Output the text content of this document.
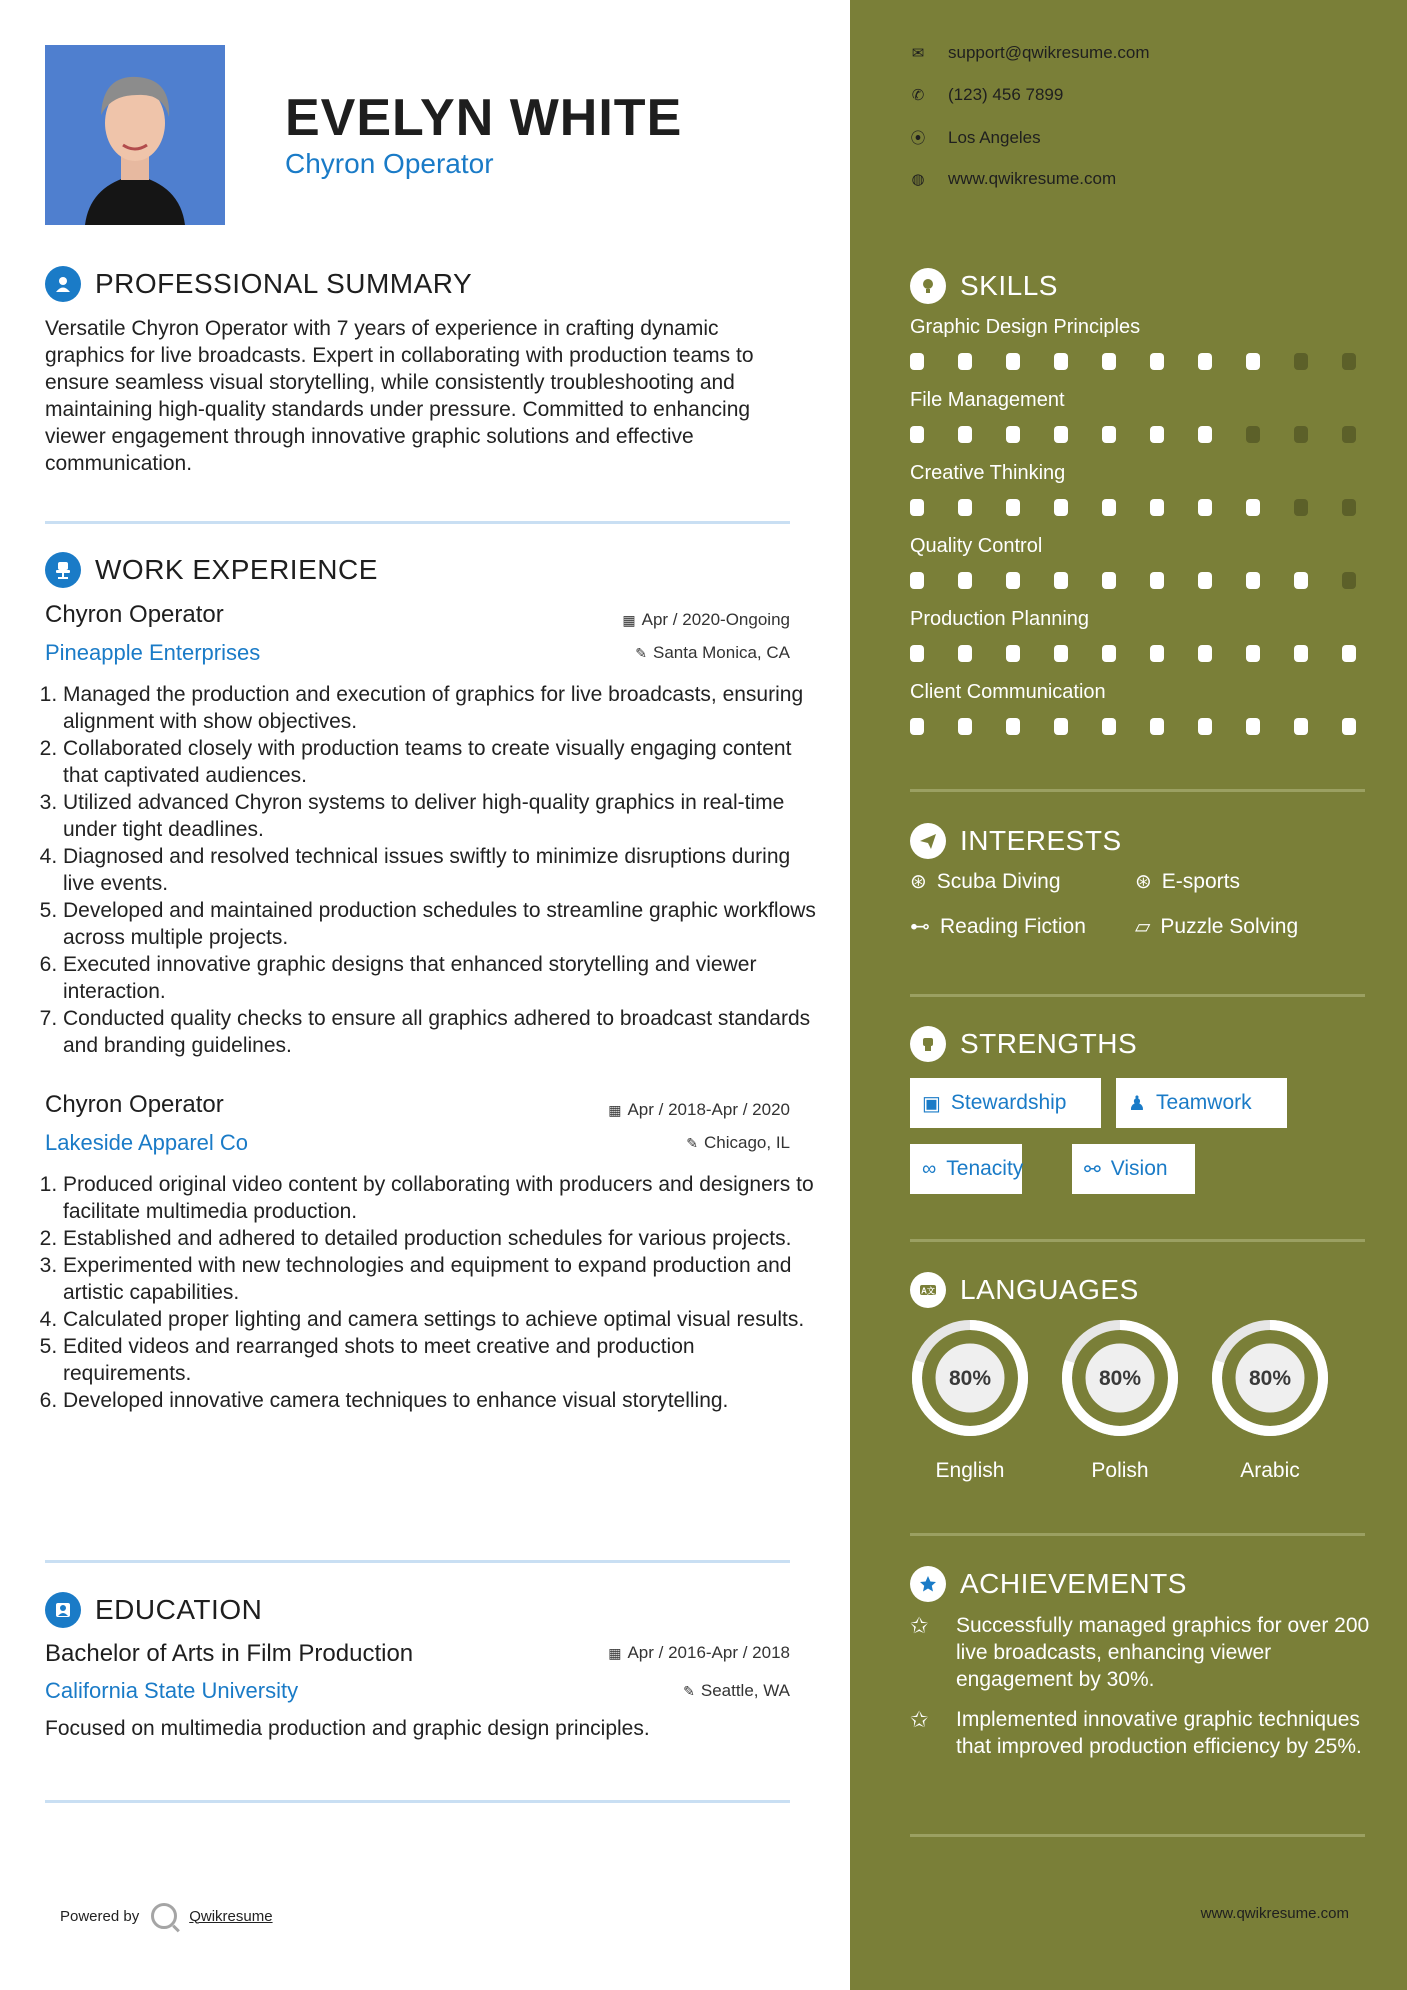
EVELYN WHITE
Chyron Operator
PROFESSIONAL SUMMARY
Versatile Chyron Operator with 7 years of experience in crafting dynamic graphics for live broadcasts. Expert in collaborating with production teams to ensure seamless visual storytelling, while consistently troubleshooting and maintaining high-quality standards under pressure. Committed to enhancing viewer engagement through innovative graphic solutions and effective communication.
WORK EXPERIENCE
Chyron Operator
Pineapple Enterprises
▦ Apr / 2020-Ongoing
✎ Santa Monica, CA
1. Managed the production and execution of graphics for live broadcasts, ensuring alignment with show objectives.
2. Collaborated closely with production teams to create visually engaging content that captivated audiences.
3. Utilized advanced Chyron systems to deliver high-quality graphics in real-time under tight deadlines.
4. Diagnosed and resolved technical issues swiftly to minimize disruptions during live events.
5. Developed and maintained production schedules to streamline graphic workflows across multiple projects.
6. Executed innovative graphic designs that enhanced storytelling and viewer interaction.
7. Conducted quality checks to ensure all graphics adhered to broadcast standards and branding guidelines.
Chyron Operator
Lakeside Apparel Co
▦ Apr / 2018-Apr / 2020
✎ Chicago, IL
1. Produced original video content by collaborating with producers and designers to facilitate multimedia production.
2. Established and adhered to detailed production schedules for various projects.
3. Experimented with new technologies and equipment to expand production and artistic capabilities.
4. Calculated proper lighting and camera settings to achieve optimal visual results.
5. Edited videos and rearranged shots to meet creative and production requirements.
6. Developed innovative camera techniques to enhance visual storytelling.
EDUCATION
Bachelor of Arts in Film Production
California State University
▦ Apr / 2016-Apr / 2018
✎ Seattle, WA
Focused on multimedia production and graphic design principles.
Powered by	Qwikresume
✉ support@qwikresume.com
✆ (123) 456 7899
⦿ Los Angeles
◍ www.qwikresume.com
SKILLS
Graphic Design Principles
File Management
Creative Thinking
Quality Control
Production Planning
Client Communication
INTERESTS
⊛ Scuba Diving	⊛ E-sports
⊷ Reading Fiction ▱ Puzzle Solving
STRENGTHS
▣ Stewardship	♟ Teamwork
∞ Tenacity	⚯ Vision
A文 LANGUAGES
80%
English
80%
Polish
80%
Arabic
ACHIEVEMENTS
✩	Successfully managed graphics for over 200 live broadcasts, enhancing viewer engagement by 30%.
✩	Implemented innovative graphic techniques that improved production efficiency by 25%.
www.qwikresume.com
